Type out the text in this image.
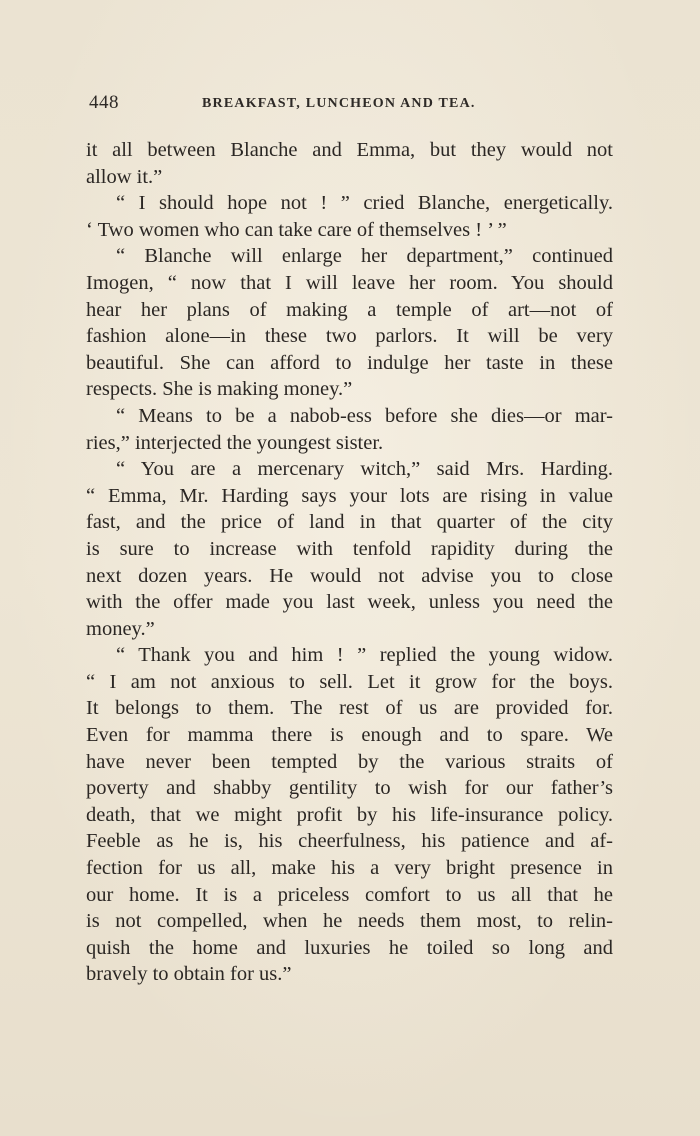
448	BREAKFAST, LUNCHEON AND TEA.
it all between Blanche and Emma, but they would not
allow it.”
“ I should hope not ! ” cried Blanche, energetically.
‘ Two women who can take care of themselves ! ’ ”
“ Blanche will enlarge her department,” continued
Imogen, “ now that I will leave her room. You should
hear her plans of making a temple of art—not of
fashion alone—in these two parlors. It will be very
beautiful. She can afford to indulge her taste in these
respects. She is making money.”
“ Means to be a nabob-ess before she dies—or mar-
ries,” interjected the youngest sister.
“ You are a mercenary witch,” said Mrs. Harding.
“ Emma, Mr. Harding says your lots are rising in value
fast, and the price of land in that quarter of the city
is sure to increase with tenfold rapidity during the
next dozen years. He would not advise you to close
with the offer made you last week, unless you need the
money.”
“ Thank you and him ! ” replied the young widow.
“ I am not anxious to sell. Let it grow for the boys.
It belongs to them. The rest of us are provided for.
Even for mamma there is enough and to spare. We
have never been tempted by the various straits of
poverty and shabby gentility to wish for our father’s
death, that we might profit by his life-insurance policy.
Feeble as he is, his cheerfulness, his patience and af-
fection for us all, make his a very bright presence in
our home. It is a priceless comfort to us all that he
is not compelled, when he needs them most, to relin-
quish the home and luxuries he toiled so long and
bravely to obtain for us.”
